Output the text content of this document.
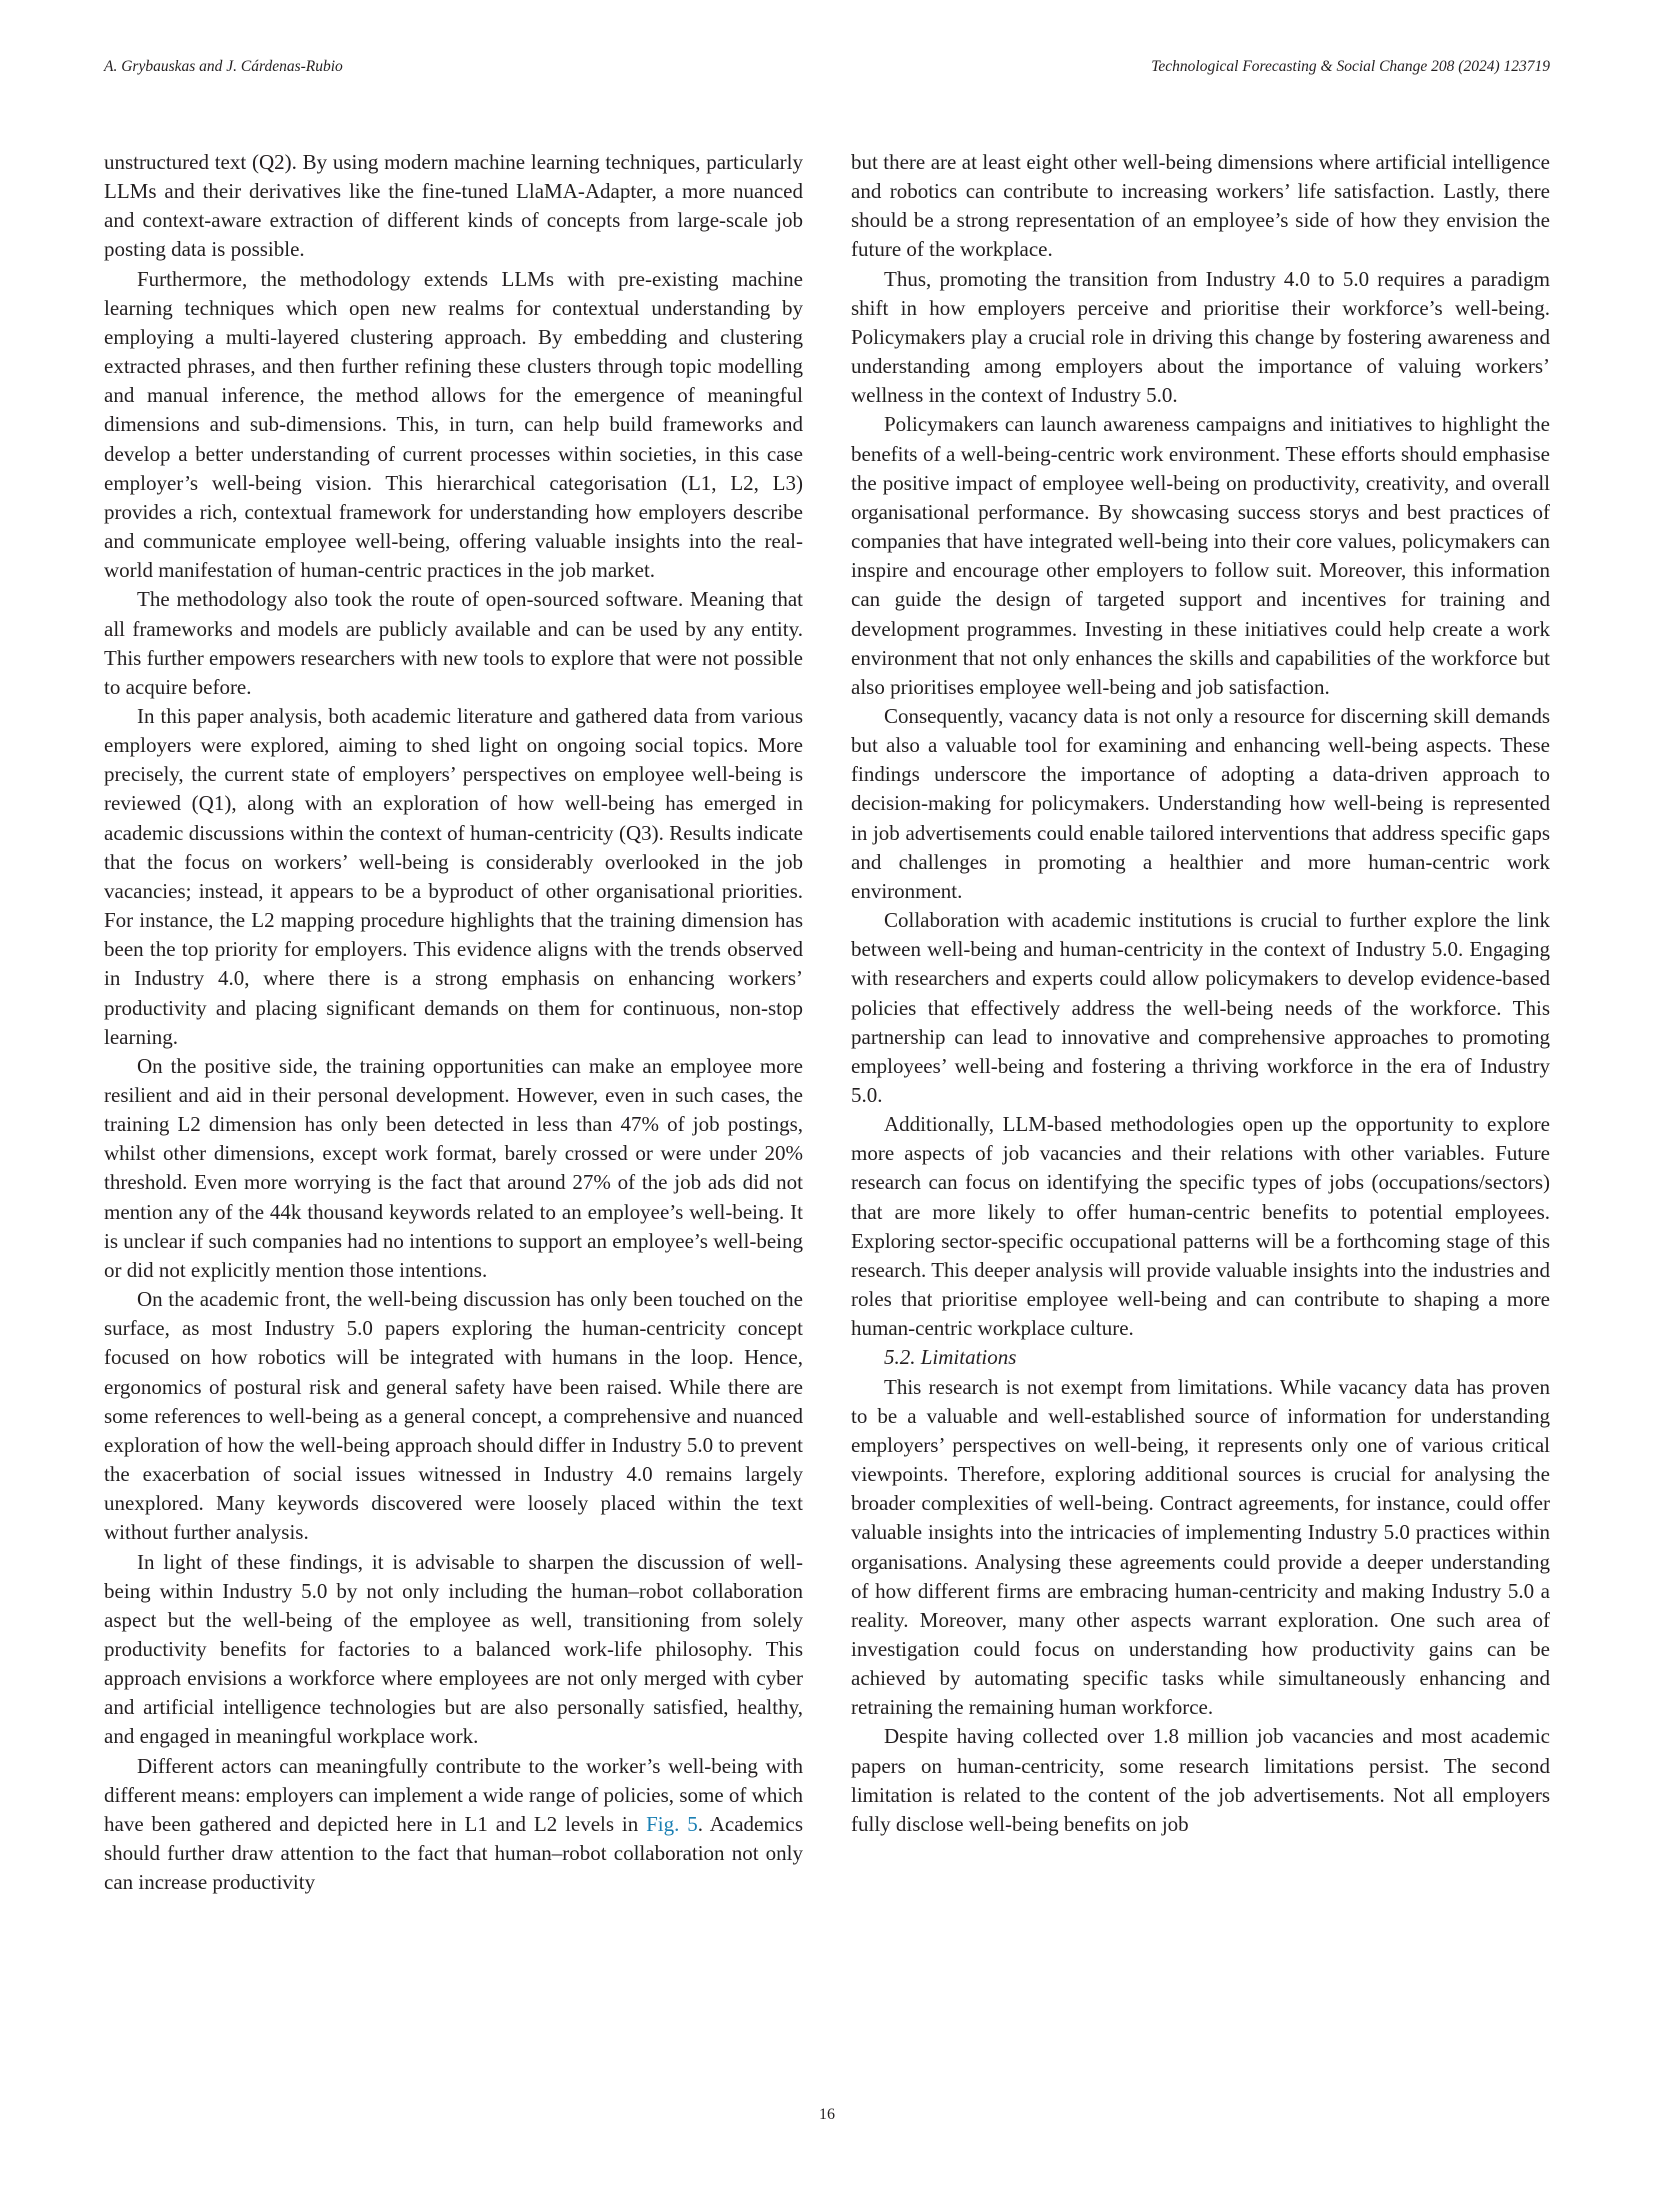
A. Grybauskas and J. Cárdenas-Rubio	Technological Forecasting & Social Change 208 (2024) 123719

unstructured text (Q2). By using modern machine learning techniques, particularly LLMs and their derivatives like the fine-tuned LlaMA-Adapter, a more nuanced and context-aware extraction of different kinds of concepts from large-scale job posting data is possible.

Furthermore, the methodology extends LLMs with pre-existing machine learning techniques which open new realms for contextual understanding by employing a multi-layered clustering approach. By embedding and clustering extracted phrases, and then further refining these clusters through topic modelling and manual inference, the method allows for the emergence of meaningful dimensions and sub-dimensions. This, in turn, can help build frameworks and develop a better understanding of current processes within societies, in this case employer’s well-being vision. This hierarchical categorisation (L1, L2, L3) provides a rich, contextual framework for understanding how employers describe and communicate employee well-being, offering valuable insights into the real-world manifestation of human-centric practices in the job market.

The methodology also took the route of open-sourced software. Meaning that all frameworks and models are publicly available and can be used by any entity. This further empowers researchers with new tools to explore that were not possible to acquire before.

In this paper analysis, both academic literature and gathered data from various employers were explored, aiming to shed light on ongoing social topics. More precisely, the current state of employers’ perspectives on employee well-being is reviewed (Q1), along with an exploration of how well-being has emerged in academic discussions within the context of human-centricity (Q3). Results indicate that the focus on workers’ well-being is considerably overlooked in the job vacancies; instead, it appears to be a byproduct of other organisational priorities. For instance, the L2 mapping procedure highlights that the training dimension has been the top priority for employers. This evidence aligns with the trends observed in Industry 4.0, where there is a strong emphasis on enhancing workers’ productivity and placing significant demands on them for continuous, non-stop learning.

On the positive side, the training opportunities can make an employee more resilient and aid in their personal development. However, even in such cases, the training L2 dimension has only been detected in less than 47% of job postings, whilst other dimensions, except work format, barely crossed or were under 20% threshold. Even more worrying is the fact that around 27% of the job ads did not mention any of the 44k thousand keywords related to an employee’s well-being. It is unclear if such companies had no intentions to support an employee’s well-being or did not explicitly mention those intentions.

On the academic front, the well-being discussion has only been touched on the surface, as most Industry 5.0 papers exploring the human-centricity concept focused on how robotics will be integrated with humans in the loop. Hence, ergonomics of postural risk and general safety have been raised. While there are some references to well-being as a general concept, a comprehensive and nuanced exploration of how the well-being approach should differ in Industry 5.0 to prevent the exacerbation of social issues witnessed in Industry 4.0 remains largely unexplored. Many keywords discovered were loosely placed within the text without further analysis.

In light of these findings, it is advisable to sharpen the discussion of well-being within Industry 5.0 by not only including the human–robot collaboration aspect but the well-being of the employee as well, transitioning from solely productivity benefits for factories to a balanced work-life philosophy. This approach envisions a workforce where employees are not only merged with cyber and artificial intelligence technologies but are also personally satisfied, healthy, and engaged in meaningful workplace work.

Different actors can meaningfully contribute to the worker’s well-being with different means: employers can implement a wide range of policies, some of which have been gathered and depicted here in L1 and L2 levels in Fig. 5. Academics should further draw attention to the fact that human–robot collaboration not only can increase productivity

but there are at least eight other well-being dimensions where artificial intelligence and robotics can contribute to increasing workers’ life satisfaction. Lastly, there should be a strong representation of an employee’s side of how they envision the future of the workplace.

Thus, promoting the transition from Industry 4.0 to 5.0 requires a paradigm shift in how employers perceive and prioritise their workforce’s well-being. Policymakers play a crucial role in driving this change by fostering awareness and understanding among employers about the importance of valuing workers’ wellness in the context of Industry 5.0.

Policymakers can launch awareness campaigns and initiatives to highlight the benefits of a well-being-centric work environment. These efforts should emphasise the positive impact of employee well-being on productivity, creativity, and overall organisational performance. By showcasing success storys and best practices of companies that have integrated well-being into their core values, policymakers can inspire and encourage other employers to follow suit. Moreover, this information can guide the design of targeted support and incentives for training and development programmes. Investing in these initiatives could help create a work environment that not only enhances the skills and capabilities of the workforce but also prioritises employee well-being and job satisfaction.

Consequently, vacancy data is not only a resource for discerning skill demands but also a valuable tool for examining and enhancing well-being aspects. These findings underscore the importance of adopting a data-driven approach to decision-making for policymakers. Understanding how well-being is represented in job advertisements could enable tailored interventions that address specific gaps and challenges in promoting a healthier and more human-centric work environment.

Collaboration with academic institutions is crucial to further explore the link between well-being and human-centricity in the context of Industry 5.0. Engaging with researchers and experts could allow policymakers to develop evidence-based policies that effectively address the well-being needs of the workforce. This partnership can lead to innovative and comprehensive approaches to promoting employees’ well-being and fostering a thriving workforce in the era of Industry 5.0.

Additionally, LLM-based methodologies open up the opportunity to explore more aspects of job vacancies and their relations with other variables. Future research can focus on identifying the specific types of jobs (occupations/sectors) that are more likely to offer human-centric benefits to potential employees. Exploring sector-specific occupational patterns will be a forthcoming stage of this research. This deeper analysis will provide valuable insights into the industries and roles that prioritise employee well-being and can contribute to shaping a more human-centric workplace culture.

5.2. Limitations

This research is not exempt from limitations. While vacancy data has proven to be a valuable and well-established source of information for understanding employers’ perspectives on well-being, it represents only one of various critical viewpoints. Therefore, exploring additional sources is crucial for analysing the broader complexities of well-being. Contract agreements, for instance, could offer valuable insights into the intricacies of implementing Industry 5.0 practices within organisations. Analysing these agreements could provide a deeper understanding of how different firms are embracing human-centricity and making Industry 5.0 a reality. Moreover, many other aspects warrant exploration. One such area of investigation could focus on understanding how productivity gains can be achieved by automating specific tasks while simultaneously enhancing and retraining the remaining human workforce.

Despite having collected over 1.8 million job vacancies and most academic papers on human-centricity, some research limitations persist. The second limitation is related to the content of the job advertisements. Not all employers fully disclose well-being benefits on job

16
